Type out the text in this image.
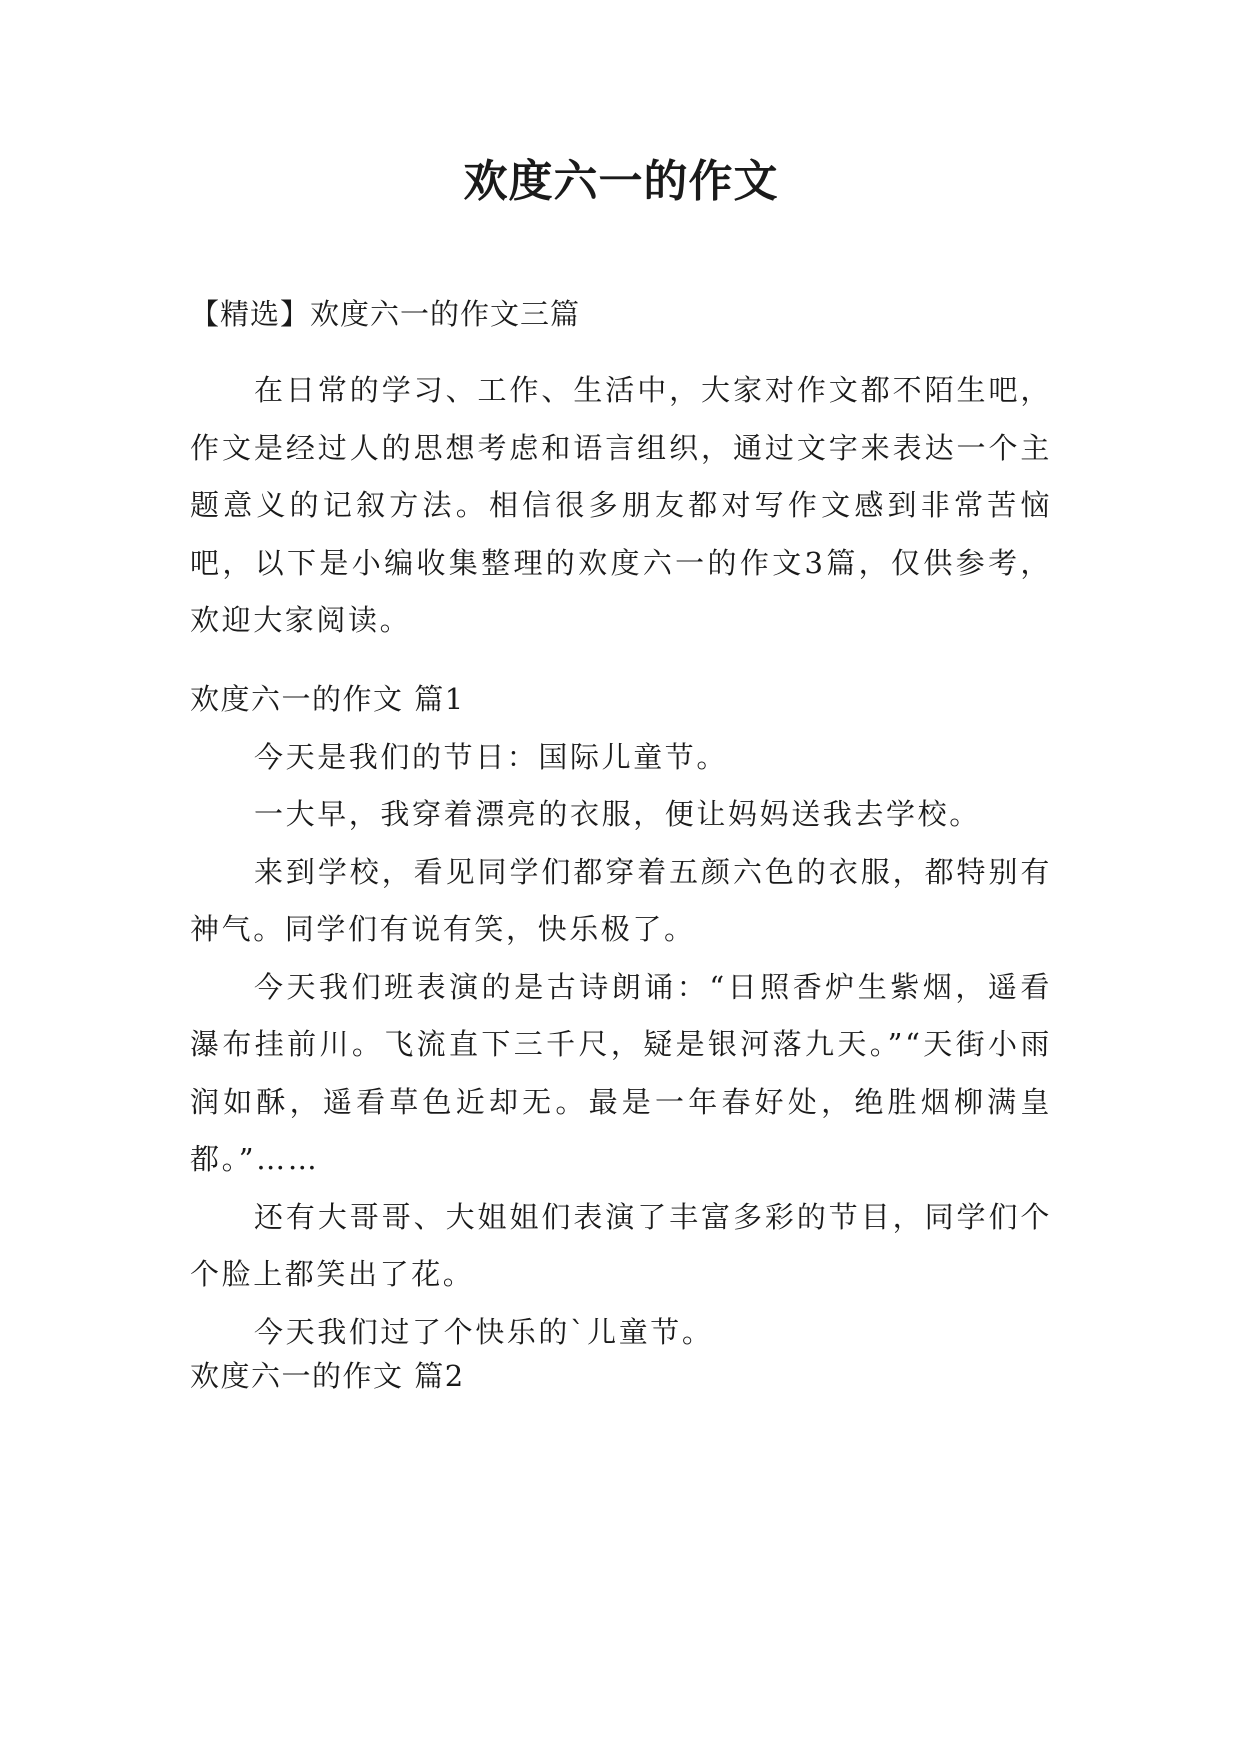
欢度六一的作文
【精选】欢度六一的作文三篇

在日常的学习、工作、生活中，大家对作文都不陌生吧，作文是经过人的思想考虑和语言组织，通过文字来表达一个主题意义的记叙方法。相信很多朋友都对写作文感到非常苦恼吧，以下是小编收集整理的欢度六一的作文3篇，仅供参考，欢迎大家阅读。

欢度六一的作文 篇1

今天是我们的节日：国际儿童节。

一大早，我穿着漂亮的衣服，便让妈妈送我去学校。

来到学校，看见同学们都穿着五颜六色的衣服，都特别有神气。同学们有说有笑，快乐极了。

今天我们班表演的是古诗朗诵：“日照香炉生紫烟，遥看瀑布挂前川。飞流直下三千尺，疑是银河落九天。”“天街小雨润如酥，遥看草色近却无。最是一年春好处，绝胜烟柳满皇都。”……

还有大哥哥、大姐姐们表演了丰富多彩的节目，同学们个个脸上都笑出了花。

今天我们过了个快乐的`儿童节。

欢度六一的作文 篇2
